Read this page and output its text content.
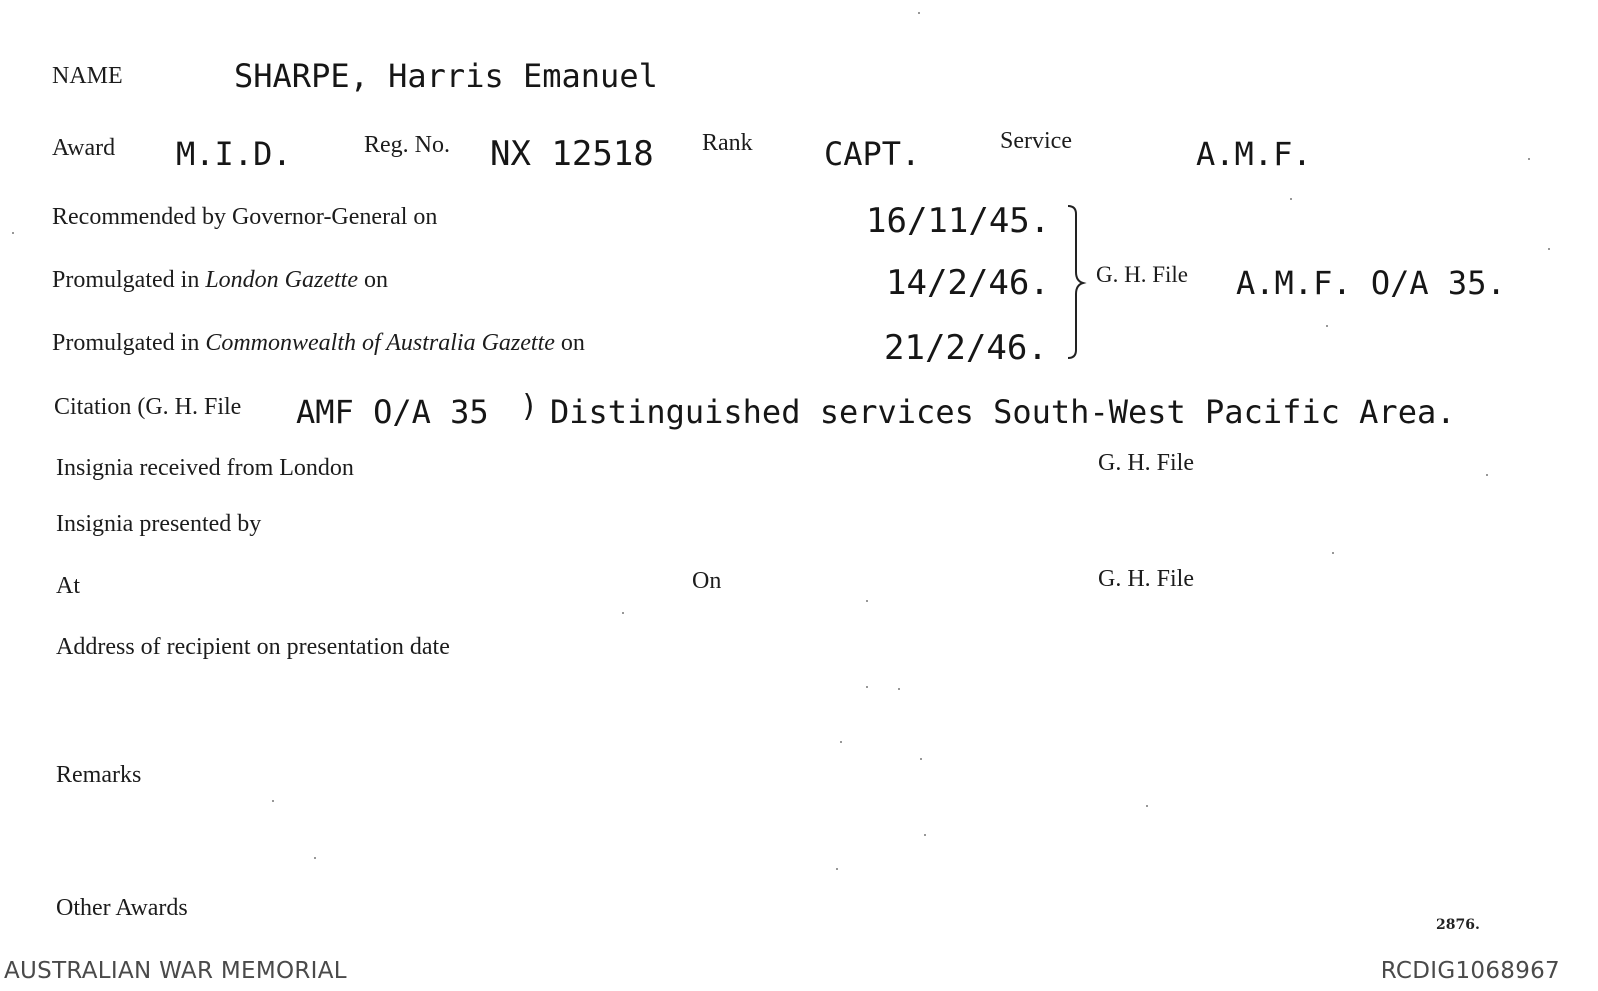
NAME	SHARPE, Harris Emanuel
Award M.I.D.	Reg. No. NX 12518 Rank CAPT.	Service	A.M.F.
Recommended by Governor-General on	16/11/45.
Promulgated in London Gazette on	14/2/46.
Promulgated in Commonwealth of Australia Gazette on	21/2/46.
G. H. File A.M.F. O/A 35.
Citation (G. H. File AMF O/A 35 ) Distinguished services South-West Pacific Area.
Insignia received from London	G. H. File
Insignia presented by
At	On	G. H. File
Address of recipient on presentation date
Remarks
Other Awards
2876.
AUSTRALIAN WAR MEMORIAL	RCDIG1068967
